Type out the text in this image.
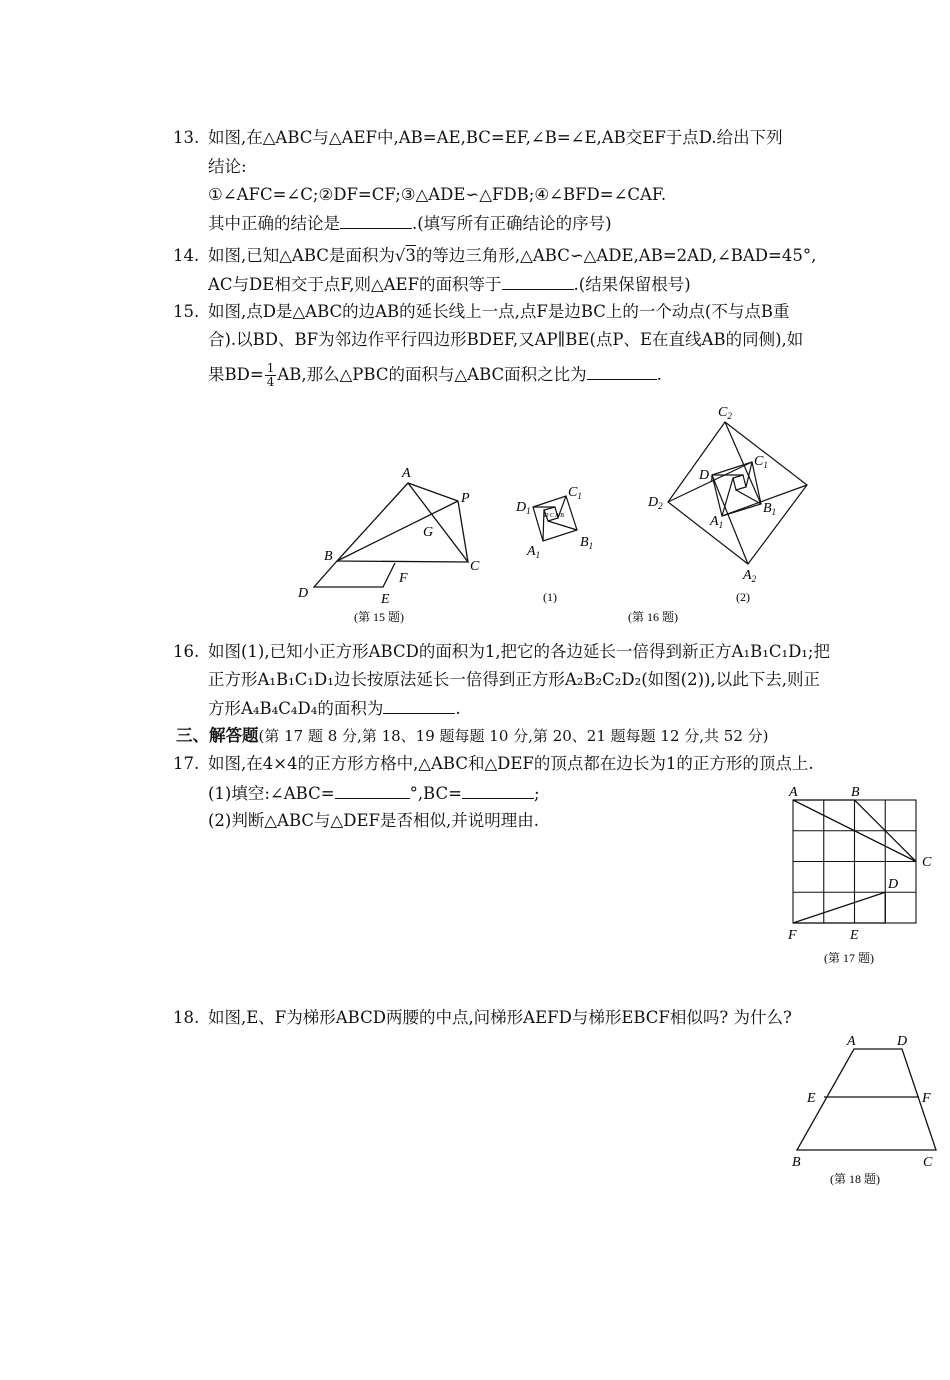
13. 如图,在△ABC与△AEF中,AB=AE,BC=EF,∠B=∠E,AB交EF于点D.给出下列
结论:
①∠AFC=∠C;②DF=CF;③△ADE∽△FDB;④∠BFD=∠CAF.
其中正确的结论是	.(填写所有正确结论的序号)
14. 如图,已知△ABC是面积为√3的等边三角形,△ABC∽△ADE,AB=2AD,∠BAD=45°,
AC与DE相交于点F,则△AEF的面积等于	.(结果保留根号)
15. 如图,点D是△ABC的边AB的延长线上一点,点F是边BC上的一个动点(不与点B重
合).以BD、BF为邻边作平行四边形BDEF,又AP∥BE(点P、E在直线AB的同侧),如
果$BD= \frac{1}{4}$ AB,那么△PBC的面积与△ABC面积之比为	.
A
P
G
B
C
F
D	E
(第 15 题)
$D_1$
$C_1$
$A_1$
$B_1$
D C A B
(1)
$C_2$
$C_1$
$D_1$
$D_2$
$A_1$
$B_1$
$A_2$
(2)
(第 16 题)
16. 如图(1),已知小正方形ABCD的面积为1,把它的各边延长一倍得到新正方A₁B₁C₁D₁;把
正方形A₁B₁C₁D₁边长按原法延长一倍得到正方形A₂B₂C₂D₂(如图(2)),以此下去,则正
方形A₄B₄C₄D₄的面积为	.
三、解答题(第 17 题 8 分,第 18、19 题每题 10 分,第 20、21 题每题 12 分,共 52 分)
17. 如图,在4×4的正方形方格中,△ABC和△DEF的顶点都在边长为1的正方形的顶点上.
(1)填空:∠ABC=	°,BC=	;
(2)判断△ABC与△DEF是否相似,并说明理由.
A	B
C
D
F	E
(第 17 题)
18. 如图,E、F为梯形ABCD两腰的中点,问梯形AEFD与梯形EBCF相似吗? 为什么?
A	D
E	F
B	C
(第 18 题)
